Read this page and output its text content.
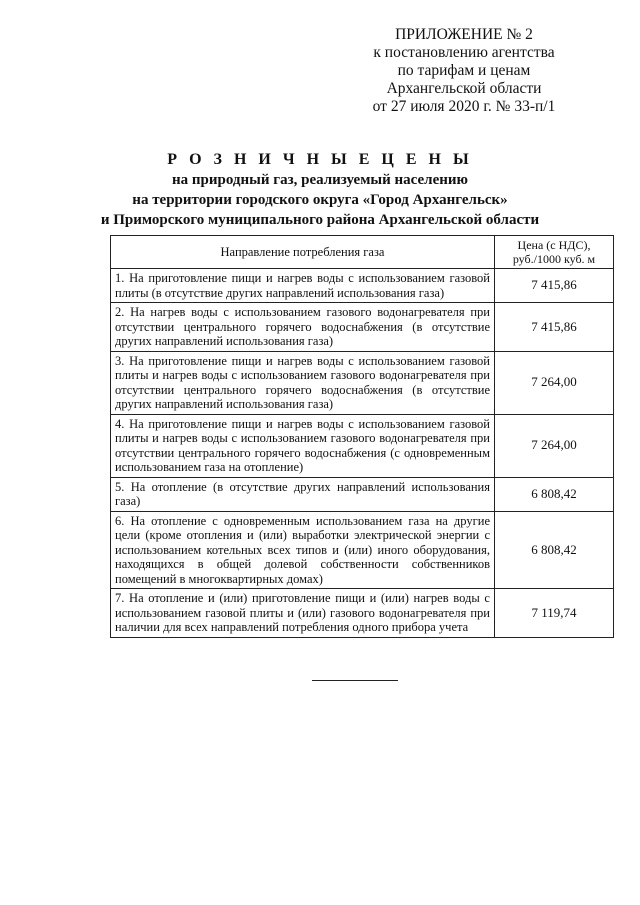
ПРИЛОЖЕНИЕ № 2
к постановлению агентства
по тарифам и ценам
Архангельской области
от 27 июля 2020 г. № 33-п/1
Р О З Н И Ч Н Ы Е Ц Е Н Ы
на природный газ, реализуемый населению
на территории городского округа «Город Архангельск»
и Приморского муниципального района Архангельской области
Направление потребления газа	Цена (с НДС), руб./1000 куб. м
1. На приготовление пищи и нагрев воды с использованием газовой плиты (в отсутствие других направлений использования газа)	7 415,86
2. На нагрев воды с использованием газового водонагревателя при отсутствии центрального горячего водоснабжения (в отсутствие других направлений использования газа)	7 415,86
3. На приготовление пищи и нагрев воды с использованием газовой плиты и нагрев воды с использованием газового водонагревателя при отсутствии центрального горячего водоснабжения (в отсутствие других направлений использования газа)	7 264,00
4. На приготовление пищи и нагрев воды с использованием газовой плиты и нагрев воды с использованием газового водонагревателя при отсутствии центрального горячего водоснабжения (с одновременным использованием газа на отопление)	7 264,00
5. На отопление (в отсутствие других направлений использования газа)	6 808,42
6. На отопление с одновременным использованием газа на другие цели (кроме отопления и (или) выработки электрической энергии с использованием котельных всех типов и (или) иного оборудования, находящихся в общей долевой собственности собственников помещений в многоквартирных домах)	6 808,42
7. На отопление и (или) приготовление пищи и (или) нагрев воды с использованием газовой плиты и (или) газового водонагревателя при наличии для всех направлений потребления одного прибора учета	7 119,74
